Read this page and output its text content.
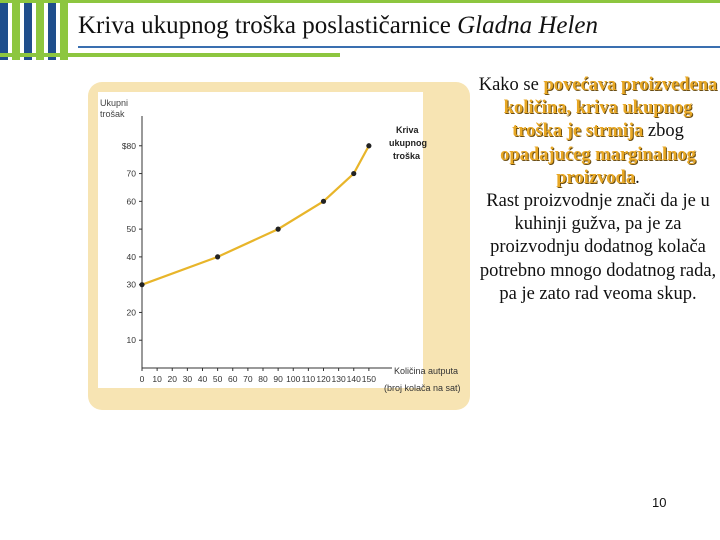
Kriva ukupnog troška poslastičarnice Gladna Helen
Ukupni
trošak
Količina autputa
(broj kolača na sat)
Kriva
ukupnog
troška
10
20
30
40
50
60
70
$80
0 10 20 30 40 50 60 70 80 90 100 110 120 130 140 150
Kako se povećava proizvedena količina, kriva ukupnog troška je strmija zbog opadajućeg marginalnog proizvoda.
Rast proizvodnje znači da je u kuhinji gužva, pa je za proizvodnju dodatnog kolača potrebno mnogo dodatnog rada, pa je zato rad veoma skup.
10
